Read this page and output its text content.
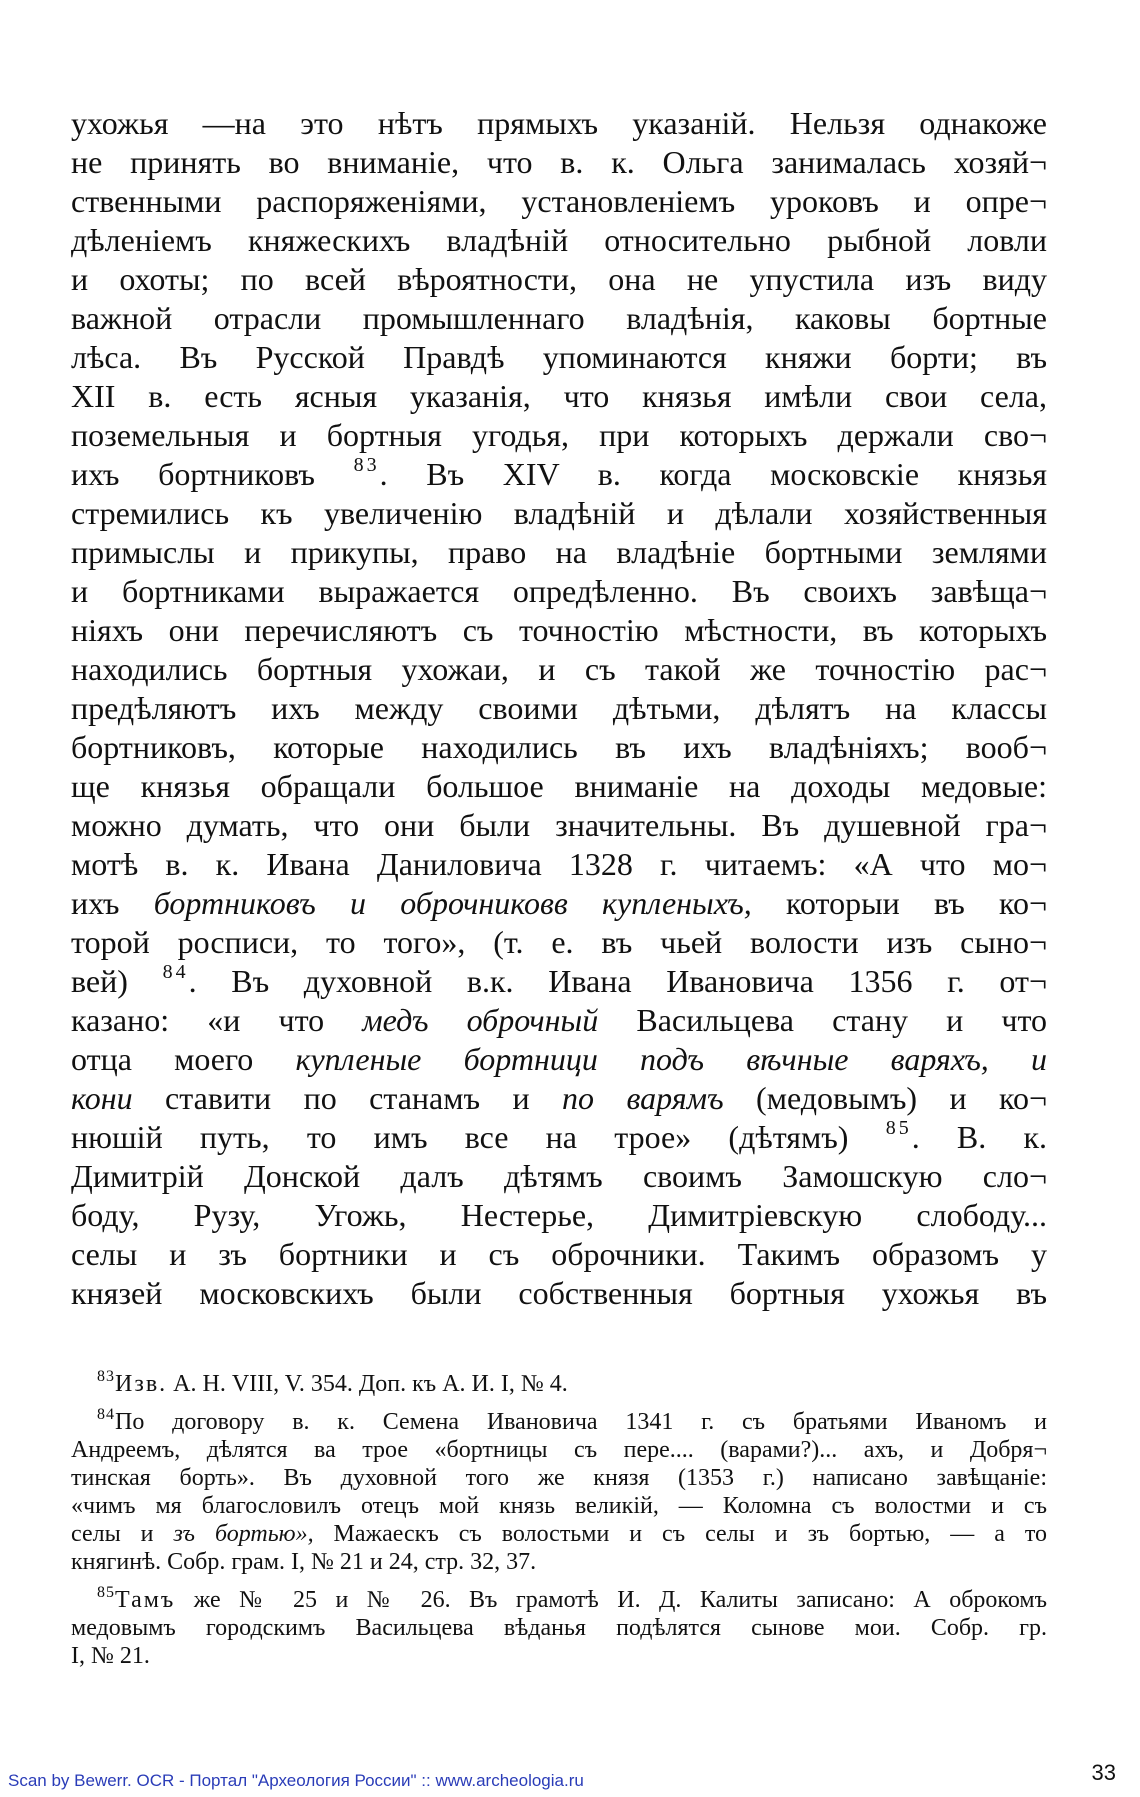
ухожья —на это нѣтъ прямыхъ указаній. Нельзя однакоже
не принять во вниманіе, что в. к. Ольга занималась хозяй¬
ственными распоряженіями, установленіемъ уроковъ и опре¬
дѣленіемъ княжескихъ владѣній относительно рыбной ловли
и охоты; по всей вѣроятности, она не упустила изъ виду
важной отрасли промышленнаго владѣнія, каковы бортные
лѣса. Въ Русской Правдѣ упоминаются княжи борти; въ
XII в. есть ясныя указанія, что князья имѣли свои села,
поземельныя и бортныя угодья, при которыхъ держали сво¬
ихъ бортниковъ $^{83}$. Въ XIV в. когда московскіе князья
стремились къ увеличенію владѣній и дѣлали хозяйственныя
примыслы и прикупы, право на владѣніе бортными землями
и бортниками выражается опредѣленно. Въ своихъ завѣща¬
ніяхъ они перечисляютъ съ точностію мѣстности, въ которыхъ
находились бортныя ухожаи, и съ такой же точностію рас¬
предѣляютъ ихъ между своими дѣтьми, дѣлятъ на классы
бортниковъ, которые находились въ ихъ владѣніяхъ; вооб¬
ще князья обращали большое вниманіе на доходы медовые:
можно думать, что они были значительны. Въ душевной гра¬
мотѣ в. к. Ивана Даниловича 1328 г. читаемъ: «А что мо¬
ихъ бортниковъ и оброчниковв купленыхъ, которыи въ ко¬
торой росписи, то того», (т. е. въ чьей волости изъ сыно¬
вей) $^{84}$. Въ духовной в.к. Ивана Ивановича 1356 г. от¬
казано: «и что медъ оброчный Васильцева стану и что
отца моего купленые бортници подъ вѣчные варяхъ, и
кони ставити по станамъ и по варямъ (медовымъ) и ко¬
нюшій путь, то имъ все на трое» (дѣтямъ) $^{85}$. В. к.
Димитрій Донской далъ дѣтямъ своимъ Замошскую сло¬
боду, Рузу, Угожь, Нестерье, Димитріевскую слободу...
селы и зъ бортники и съ оброчники. Такимъ образомъ у
князей московскихъ были собственныя бортныя ухожья въ
$^{83}$Изв. А. Н. VIII, V. 354. Доп. къ А. И. I, № 4.
$^{84}$По договору в. к. Семена Ивановича 1341 г. съ братьями Иваномъ и
Андреемъ, дѣлятся ва трое «бортницы съ пере.... (варами?)... ахъ, и Добря¬
тинская борть». Въ духовной того же князя (1353 г.) написано завѣщаніе:
«чимъ мя благословилъ отецъ мой князь великій, — Коломна съ волостми и съ
селы и зъ бортью», Мажаескъ съ волостьми и съ селы и зъ бортью, — а то
княгинѣ. Собр. грам. I, № 21 и 24, стр. 32, 37.
$^{85}$Тамъ же № 25 и № 26. Въ грамотѣ И. Д. Калиты записано: А оброкомъ
медовымъ городскимъ Васильцева вѣданья подѣлятся сынове мои. Собр. гр.
I, № 21.
Scan by Bewerr. OCR - Портал "Археология России" :: www.archeologia.ru	33
